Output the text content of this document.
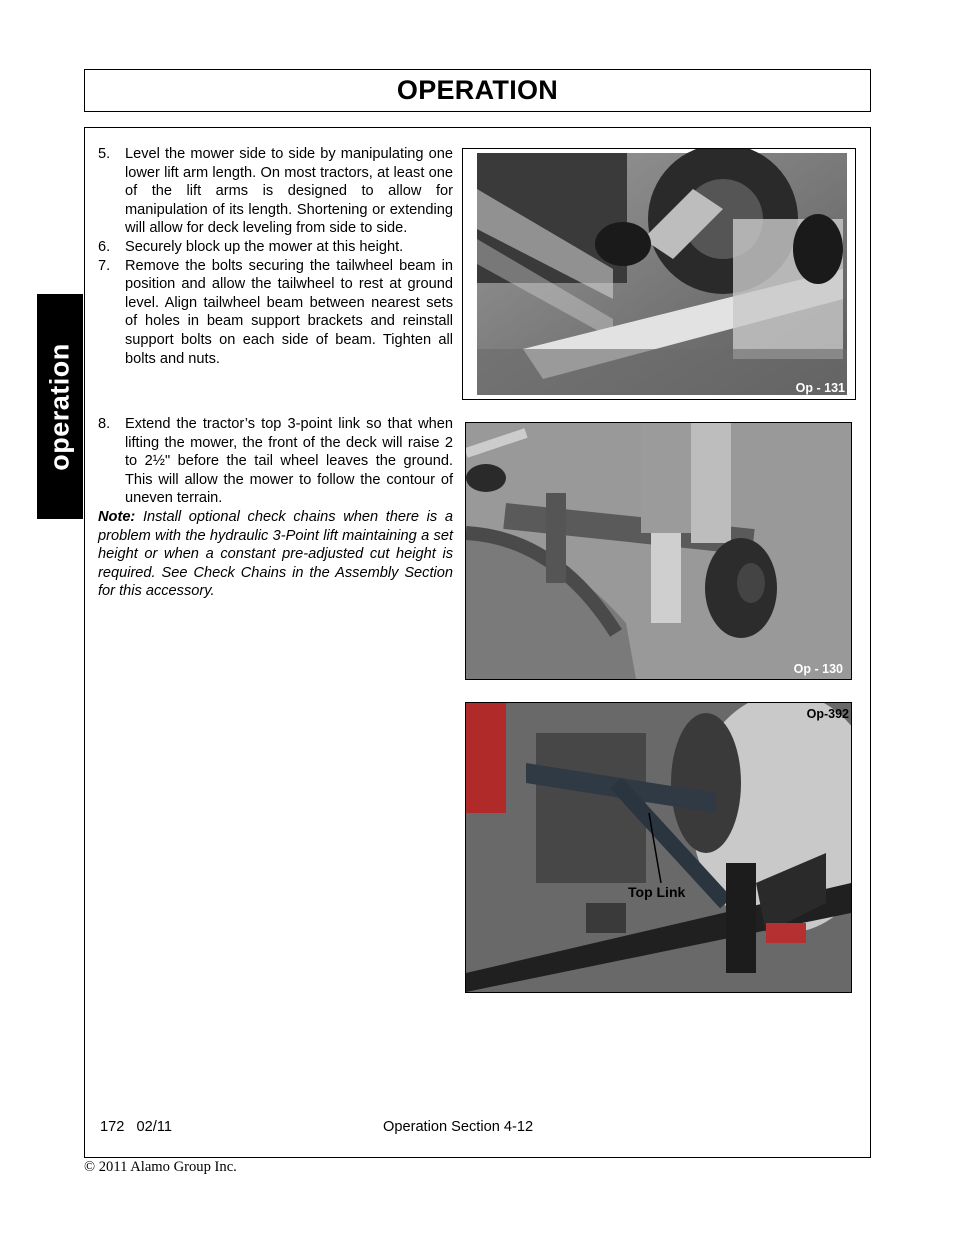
OPERATION
operation
5. Level the mower side to side by manipulating one lower lift arm length. On most tractors, at least one of the lift arms is designed to allow for manipulation of its length. Shortening or extending will allow for deck leveling from side to side.
6. Securely block up the mower at this height.
7. Remove the bolts securing the tailwheel beam in position and allow the tailwheel to rest at ground level. Align tailwheel beam between nearest sets of holes in beam support brackets and reinstall support bolts on each side of beam. Tighten all bolts and nuts.
8. Extend the tractor’s top 3-point link so that when lifting the mower, the front of the deck will raise 2 to 2½" before the tail wheel leaves the ground. This will allow the mower to follow the contour of uneven terrain.
Note: Install optional check chains when there is a problem with the hydraulic 3-Point lift maintaining a set height or when a constant pre-adjusted cut height is required. See Check Chains in the Assembly Section for this accessory.
Op - 131
Op - 130
Op-392
Top Link
172 02/11	Operation Section 4-12
© 2011 Alamo Group Inc.
